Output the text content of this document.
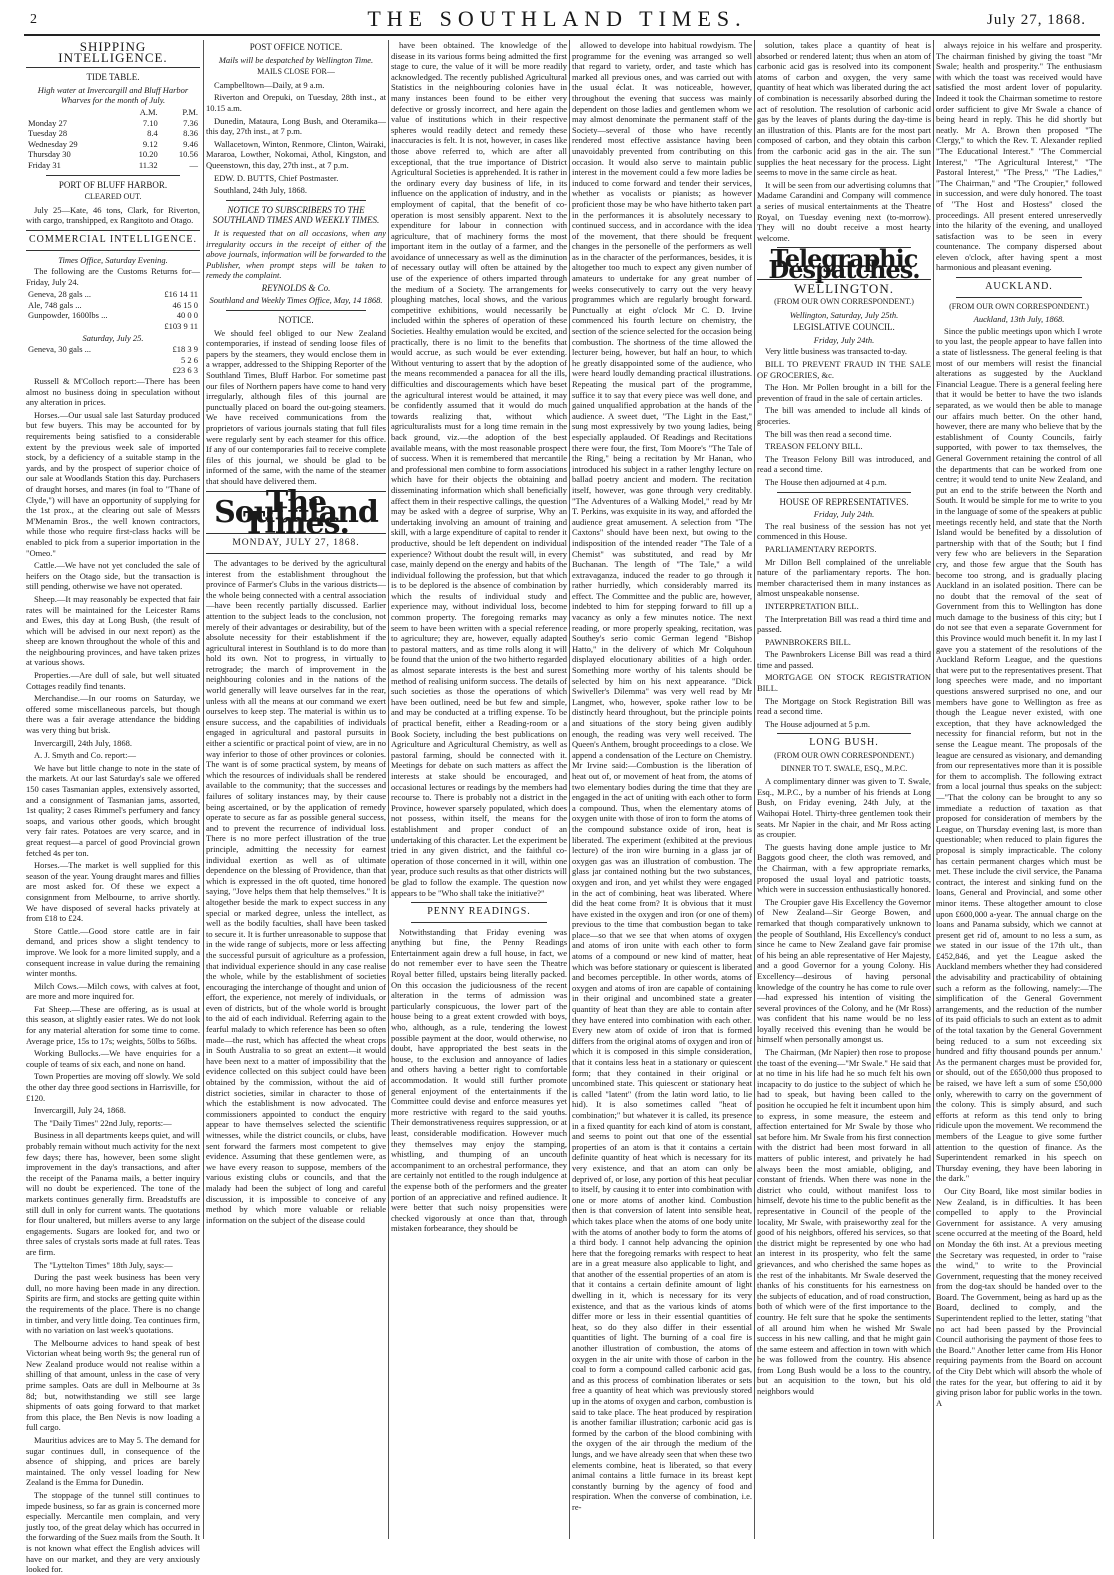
2	THE SOUTHLAND TIMES.	July 27, 1868.
SHIPPING INTELLIGENCE.
TIDE TABLE.
High water at Invercargill and Bluff Harbor Wharves for the month of July.
	A.M.	P.M.
Monday 27	7.10	7.36
Tuesday 28	8.4	8.36
Wednesday 29	9.12	9.46
Thursday 30	10.20	10.56
Friday 31	11.32	—
PORT OF BLUFF HARBOR.
CLEARED OUT.

July 25—Kate, 46 tons, Clark, for Riverton, with cargo, transhipped, ex Rangitoto and Otago.

COMMERCIAL INTELLIGENCE.
Times Office, Saturday Evening.

The following are the Customs Returns for—Friday, July 24.

Geneva, 28 gals ...	£16 14 11
Ale, 748 gals ...	46 15 0
Gunpowder, 1600lbs ...	40 0 0
	£103 9 11
Saturday, July 25.
Geneva, 30 gals ...	£18 3 9
	5 2 6
	£23 6 3

Russell & M'Colloch report:—There has been almost no business doing in speculation without any alteration in prices.

Horses.—Our usual sale last Saturday produced but few buyers. This may be accounted for by requirements being satisfied to a considerable extent by the previous week sale of imported stock, by a deficiency of a suitable stamp in the yards, and by the prospect of superior choice of our sale at Woodlands Station this day. Purchasers of draught horses, and mares (in foal to "Thane of Clyde,") will have an opportunity of supplying for the 1st prox., at the clearing out sale of Messrs M'Menamin Bros., the well known contractors, while those who require first-class hacks will be enabled to pick from a superior importation in the "Omeo."

Cattle.—We have not yet concluded the sale of heifers on the Otago side, but the transaction is still pending, otherwise we have not operated.

Sheep.—It may reasonably be expected that fair rates will be maintained for the Leicester Rams and Ewes, this day at Long Bush, (the result of which will be advised in our next report) as the sheep are known throughout the whole of this and the neighbouring provinces, and have taken prizes at various shows.

Properties.—Are dull of sale, but well situated Cottages readily find tenants.

Merchandise.—In our rooms on Saturday, we offered some miscellaneous parcels, but though there was a fair average attendance the bidding was very thing but brisk.

Invercargill, 24th July, 1868.

A. J. Smyth and Co. report:—

We have but little change to note in the state of the markets. At our last Saturday's sale we offered 150 cases Tasmanian apples, extensively assorted, and a consignment of Tasmanian jams, assorted, 1st quality; 2 cases Rimmel's perfumery and fancy soaps, and various other goods, which brought very fair rates. Potatoes are very scarce, and in great request—a parcel of good Provincial grown fetched 4s per ton.

Horses.—The market is well supplied for this season of the year. Young draught mares and fillies are most asked for. Of these we expect a consignment from Melbourne, to arrive shortly. We have disposed of several hacks privately at from £18 to £24.

Store Cattle.—Good store cattle are in fair demand, and prices show a slight tendency to improve. We look for a more limited supply, and a consequent increase in value during the remaining winter months.

Milch Cows.—Milch cows, with calves at foot, are more and more inquired for.

Fat Sheep.—These are offering, as is usual at this season, at slightly easier rates. We do not look for any material alteration for some time to come. Average price, 15s to 17s; weights, 50lbs to 56lbs.

Working Bullocks.—We have enquiries for a couple of teams of six each, and none on hand.

Town Properties are moving off slowly. We sold the other day three good sections in Harrisville, for £120.

Invercargill, July 24, 1868.

The "Daily Times" 22nd July, reports:—

Business in all departments keeps quiet, and will probably remain without much activity for the next few days; there has, however, been some slight improvement in the day's transactions, and after the receipt of the Panama mails, a better inquiry will no doubt be experienced. The tone of the markets continues generally firm. Breadstuffs are still dull in only for current wants. The quotations for flour unaltered, but millers averse to any large engagements. Sugars are looked for, and two or three sales of crystals sorts made at full rates. Teas are firm.

The "Lyttelton Times" 18th July, says:—

During the past week business has been very dull, no more having been made in any direction. Spirits are firm, and stocks are getting quite within the requirements of the place. There is no change in timber, and very little doing. Tea continues firm, with no variation on last week's quotations.

The Melbourne advices to hand speak of best Victorian wheat being worth 9s; the general run of New Zealand produce would not realise within a shilling of that amount, unless in the case of very prime samples. Oats are dull in Melbourne at 3s 8d; but, notwithstanding we still see large shipments of oats going forward to that market from this place, the Ben Nevis is now loading a full cargo.

Mauritius advices are to May 5. The demand for sugar continues dull, in consequence of the absence of shipping, and prices are barely maintained. The only vessel loading for New Zealand is the Emma for Dunedin.

The stoppage of the tunnel still continues to impede business, so far as grain is concerned more especially. Mercantile men complain, and very justly too, of the great delay which has occurred in the forwarding of the Suez mails from the South. It is not known what effect the English advices will have on our market, and they are very anxiously looked for.

POST OFFICE NOTICE.
Mails will be despatched by Wellington Time.
MAILS CLOSE FOR—

Campbelltown—Daily, at 9 a.m.

Riverton and Orepuki, on Tuesday, 28th inst., at 10.15 a.m.

Dunedin, Mataura, Long Bush, and Oteramika—this day, 27th inst., at 7 p.m.

Wallacetown, Winton, Renmore, Clinton, Wairaki, Mararoa, Lowther, Nokomai, Athol, Kingston, and Queenstown, this day, 27th inst., at 7 p.m.

EDW. D. BUTTS, Chief Postmaster.

Southland, 24th July, 1868.

NOTICE TO SUBSCRIBERS TO THE SOUTHLAND TIMES AND WEEKLY TIMES.

It is requested that on all occasions, when any irregularity occurs in the receipt of either of the above journals, information will be forwarded to the Publisher, when prompt steps will be taken to remedy the complaint.

REYNOLDS & Co.
Southland and Weekly Times Office, May, 14 1868.
NOTICE.

We should feel obliged to our New Zealand contemporaries, if instead of sending loose files of papers by the steamers, they would enclose them in a wrapper, addressed to the Shipping Reporter of the Southland Times, Bluff Harbor. For sometime past our files of Northern papers have come to hand very irregularly, although files of this journal are punctually placed on board the out-going steamers. We have received communications from the proprietors of various journals stating that full files were regularly sent by each steamer for this office. If any of our contemporaries fail to receive complete files of this journal, we should be glad to be informed of the same, with the name of the steamer that should have delivered them.

The Southland Times.
MONDAY, JULY 27, 1868.

The advantages to be derived by the agricultural interest from the establishment throughout the province of Farmer's Clubs in the various districts—the whole being connected with a central association—have been recently partially discussed. Earlier attention to the subject leads to the conclusion, not merely of their advantages or desirability, but of the absolute necessity for their establishment if the agricultural interest in Southland is to do more than hold its own. Not to progress, in virtually to retrograde; the march of improvement in the neighbouring colonies and in the nations of the world generally will leave ourselves far in the rear, unless with all the means at our command we exert ourselves to keep step. The material is within us to ensure success, and the capabilities of individuals engaged in agricultural and pastoral pursuits in either a scientific or practical point of view, are in no way inferior to those of other provinces or colonies. The want is of some practical system, by means of which the resources of individuals shall be rendered available to the community; that the successes and failures of solitary instances may, by their cause being ascertained, or by the application of remedy operate to secure as far as possible general success, and to prevent the recurrence of individual loss. There is no more perfect illustration of the true principle, admitting the necessity for earnest individual exertion as well as of ultimate dependence on the blessing of Providence, than that which is expressed in the oft quoted, time honored saying, "Jove helps them that help themselves." It is altogether beside the mark to expect success in any special or marked degree, unless the intellect, as well as the bodily faculties, shall have been tasked to secure it. It is further unreasonable to suppose that in the wide range of subjects, more or less affecting the successful pursuit of agriculture as a profession, that individual experience should in any case realise the whole, while by the establishment of societies encouraging the interchange of thought and union of effort, the experience, not merely of individuals, or even of districts, but of the whole world is brought to the aid of each individual. Referring again to the fearful malady to which reference has been so often made—the rust, which has affected the wheat crops in South Australia to so great an extent—it would have been next to a matter of impossibility that the evidence collected on this subject could have been obtained by the commission, without the aid of district societies, similar in character to those of which the establishment is now advocated. The commissioners appointed to conduct the enquiry appear to have themselves selected the scientific witnesses, while the district councils, or clubs, have sent forward the farmers most competent to give evidence. Assuming that these gentlemen were, as we have every reason to suppose, members of the various existing clubs or councils, and that the malady had been the subject of long and careful discussion, it is impossible to conceive of any method by which more valuable or reliable information on the subject of the disease could

have been obtained. The knowledge of the disease in its various forms being admitted the first stage to cure, the value of it will be more readily acknowledged. The recently published Agricultural Statistics in the neighbouring colonies have in many instances been found to be either very defective or grossly incorrect, and here again the value of institutions which in their respective spheres would readily detect and remedy these inaccuracies is felt. It is not, however, in cases like those above referred to, which are after all exceptional, that the true importance of District Agricultural Societies is apprehended. It is rather in the ordinary every day business of life, in its influence on the application of industry, and in the employment of capital, that the benefit of co-operation is most sensibly apparent. Next to the expenditure for labour in connection with agriculture, that of machinery forms the most important item in the outlay of a farmer, and the avoidance of unnecessary as well as the diminution of necessary outlay will often be attained by the use of the experience of others imparted through the medium of a Society. The arrangements for ploughing matches, local shows, and the various competitive exhibitions, would necessarily be included within the spheres of operation of these Societies. Healthy emulation would be excited, and practically, there is no limit to the benefits that would accrue, as such would be ever extending. Without venturing to assert that by the adoption of the means recommended a panacea for all the ills, difficulties and discouragements which have beset the agricultural interest would be attained, it may be confidently assumed that it would do much towards realizing that, without which agriculturalists must for a long time remain in the back ground, viz.—the adoption of the best available means, with the most reasonable prospect of success. When it is remembered that mercantile and professional men combine to form associations which have for their objects the obtaining and disseminating information which shall beneficially affect them in their respective callings, the question may be asked with a degree of surprise, Why an undertaking involving an amount of training and skill, with a large expenditure of capital to render it productive, should be left dependent on individual experience? Without doubt the result will, in every case, mainly depend on the energy and habits of the individual following the profession, but that which is to be deplored is the absence of combination by which the results of individual study and experience may, without individual loss, become common property. The foregoing remarks may seem to have been written with a special reference to agriculture; they are, however, equally adapted to pastoral matters, and as time rolls along it will be found that the union of the two hitherto regarded as almost separate interests is the best and surest method of realising uniform success. The details of such societies as those the operations of which have been outlined, need be but few and simple, and may be conducted at a trifling expense. To be of practical benefit, either a Reading-room or a Book Society, including the best publications on Agriculture and Agricultural Chemistry, as well as pastoral farming, should be connected with it. Meetings for debate on such matters as affect the interests at stake should be encouraged, and occasional lectures or readings by the members had recourse to. There is probably not a district in the Province, however sparsely populated, which does not possess, within itself, the means for the establishment and proper conduct of an undertaking of this character. Let the experiment be tried in any given district, and the faithful co-operation of those concerned in it will, within one year, produce such results as that other districts will be glad to follow the example. The question now appears to be "Who shall take the initiative?"

PENNY READINGS.

Notwithstanding that Friday evening was anything but fine, the Penny Readings Entertainment again drew a full house, in fact, we do not remember ever to have seen the Theatre Royal better filled, upstairs being literally packed. On this occasion the judiciousness of the recent alteration in the terms of admission was particularly conspicuous, the lower part of the house being to a great extent crowded with boys, who, although, as a rule, tendering the lowest possible payment at the door, would otherwise, no doubt, have appropriated the best seats in the house, to the exclusion and annoyance of ladies and others having a better right to comfortable accommodation. It would still further promote general enjoyment of the entertainments if the Committee could devise and enforce measures yet more restrictive with regard to the said youths. Their demonstrativeness requires suppression, or at least, considerable modification. However much they themselves may enjoy the stamping, whistling, and thumping of an uncouth accompaniment to an orchestral performance, they are certainly not entitled to the rough indulgence at the expense both of the performers and the greater portion of an appreciative and refined audience. It were better that such noisy propensities were checked vigorously at once than that, through mistaken forbearance, they should be

allowed to develope into habitual rowdyism. The programme for the evening was arranged so well that regard to variety, order, and taste which has marked all previous ones, and was carried out with the usual éclat. It was noticeable, however, throughout the evening that success was mainly dependent on those ladies and gentlemen whom we may almost denominate the permanent staff of the Society—several of those who have recently rendered most effective assistance having been unavoidably prevented from contributing on this occasion. It would also serve to maintain public interest in the movement could a few more ladies be induced to come forward and tender their services, whether as vocalists or pianists; as however proficient those may be who have hitherto taken part in the performances it is absolutely necessary to continued success, and in accordance with the idea of the movement, that there should be frequent changes in the personelle of the performers as well as in the character of the performances, besides, it is altogether too much to expect any given number of amateurs to undertake for any great number of weeks consecutively to carry out the very heavy programmes which are regularly brought forward. Punctually at eight o'clock Mr C. D. Irvine commenced his fourth lecture on chemistry, the section of the science selected for the occasion being combustion. The shortness of the time allowed the lecturer being, however, but half an hour, to which he greatly disappointed some of the audience, who were heard loudly demanding practical illustrations. Repeating the musical part of the programme, suffice it to say that every piece was well done, and gained unqualified approbation at the hands of the audience. A sweet duet, "The Light in the East," sung most expressively by two young ladies, being especially applauded. Of Readings and Recitations there were four, the first, Tom Moore's "The Tale of the Ring," being a recitation by Mr Hanan, who introduced his subject in a rather lengthy lecture on ballad poetry ancient and modern. The recitation itself, however, was gone through very creditably. "The Adventures of a Walking Model," read by Mr T. Perkins, was exquisite in its way, and afforded the audience great amusement. A selection from "The Caxtons" should have been next, but owing to the indisposition of the intended reader "The Tale of a Chemist" was substituted, and read by Mr Buchanan. The length of "The Tale," a wild extravaganza, induced the reader to go through it rather hurriedly, which considerably marred its effect. The Committee and the public are, however, indebted to him for stepping forward to fill up a vacancy as only a few minutes notice. The next reading, or more properly speaking, recitation, was Southey's serio comic German legend "Bishop Hatto," in the delivery of which Mr Colquhoun displayed elocutionary abilities of a high order. Something more worthy of his talents should be selected by him on his next appearance. "Dick Swiveller's Dilemma" was very well read by Mr Langmet, who, however, spoke rather low to be distinctly heard throughout, but the principle points and situations of the story being given audibly enough, the reading was very well received. The Queen's Anthem, brought proceedings to a close. We append a condensation of the Lecture on Chemistry. Mr Irvine said:—Combustion is the liberation of heat out of, or movement of heat from, the atoms of two elementary bodies during the time that they are engaged in the act of uniting with each other to form a compound. Thus, when the elementary atoms of oxygen unite with those of iron to form the atoms of the compound substance oxide of iron, heat is liberated. The experiment (exhibited at the previous lecture) of the iron wire burning in a glass jar of oxygen gas was an illustration of combustion. The glass jar contained nothing but the two substances, oxygen and iron, and yet whilst they were engaged in the act of combining, heat was liberated. Where did the heat come from? It is obvious that it must have existed in the oxygen and iron (or one of them) previous to the time that combustion began to take place—so that we see that when atoms of oxygen and atoms of iron unite with each other to form atoms of a compound or new kind of matter, heat which was before stationary or quiescent is liberated and becomes perceptible. In other words, atoms of oxygen and atoms of iron are capable of containing in their original and uncombined state a greater quantity of heat than they are able to contain after they have entered into combination with each other. Every new atom of oxide of iron that is formed differs from the original atoms of oxygen and iron of which it is composed in this simple consideration, that it contains less heat in a stationary or quiescent form; that they contained in their original or uncombined state. This quiescent or stationary heat is called "latent" (from the latin word latio, to lie hid). It is also sometimes called "heat of combination;" but whatever it is called, its presence in a fixed quantity for each kind of atom is constant, and seems to point out that one of the essential properties of an atom is that it contains a certain definite quantity of heat which is necessary for its very existence, and that an atom can only be deprived of, or lose, any portion of this heat peculiar to itself, by causing it to enter into combination with one or more atoms of another kind. Combustion then is that conversion of latent into sensible heat, which takes place when the atoms of one body unite with the atoms of another body to form the atoms of a third body. I cannot help advancing the opinion here that the foregoing remarks with respect to heat are in a great measure also applicable to light, and that another of the essential properties of an atom is that it contains a certain definite amount of light dwelling in it, which is necessary for its very existence, and that as the various kinds of atoms differ more or less in their essential quantities of heat, so do they also differ in their essential quantities of light. The burning of a coal fire is another illustration of combustion, the atoms of oxygen in the air unite with those of carbon in the coal to form a compound called carbonic acid gas, and as this process of combination liberates or sets free a quantity of heat which was previously stored up in the atoms of oxygen and carbon, combustion is said to take place. The heat produced by respiration is another familiar illustration; carbonic acid gas is formed by the carbon of the blood combining with the oxygen of the air through the medium of the lungs, and we have already seen that when these two elements combine, heat is liberated, so that every animal contains a little furnace in its breast kept constantly burning by the agency of food and respiration. When the converse of combination, i.e. re-

solution, takes place a quantity of heat is absorbed or rendered latent; thus when an atom of carbonic acid gas is resolved into its component atoms of carbon and oxygen, the very same quantity of heat which was liberated during the act of combination is necessarily absorbed during the act of resolution. The resolution of carbonic acid gas by the leaves of plants during the day-time is an illustration of this. Plants are for the most part composed of carbon, and they obtain this carbon from the carbonic acid gas in the air. The sun supplies the heat necessary for the process. Light seems to move in the same circle as heat.

It will be seen from our advertising columns that Madame Carandini and Company will commence a series of musical entertainments at the Theatre Royal, on Tuesday evening next (to-morrow). They will no doubt receive a most hearty welcome.

Telegraphic Despatches.
WELLINGTON.
(FROM OUR OWN CORRESPONDENT.)
Wellington, Saturday, July 25th.
LEGISLATIVE COUNCIL.
Friday, July 24th.

Very little business was transacted to-day.

BILL TO PREVENT FRAUD IN THE SALE OF GROCERIES, &c.

The Hon. Mr Pollen brought in a bill for the prevention of fraud in the sale of certain articles.

The bill was amended to include all kinds of groceries.

The bill was then read a second time.

TREASON FELONY BILL.

The Treason Felony Bill was introduced, and read a second time.

The House then adjourned at 4 p.m.

HOUSE OF REPRESENTATIVES.
Friday, July 24th.

The real business of the session has not yet commenced in this House.

PARLIAMENTARY REPORTS.

Mr Dillon Bell complained of the unreliable nature of the parliamentary reports. The hon. member characterised them in many instances as almost unspeakable nonsense.

INTERPRETATION BILL.

The Interpretation Bill was read a third time and passed.

PAWNBROKERS BILL.

The Pawnbrokers License Bill was read a third time and passed.

MORTGAGE ON STOCK REGISTRATION BILL.

The Mortgage on Stock Registration Bill was read a second time.

The House adjourned at 5 p.m.

LONG BUSH.
(FROM OUR OWN CORRESPONDENT.)
DINNER TO T. SWALE, ESQ., M.P.C.

A complimentary dinner was given to T. Swale, Esq., M.P.C., by a number of his friends at Long Bush, on Friday evening, 24th July, at the Waihopai Hotel. Thirty-three gentlemen took their seats. Mr Napier in the chair, and Mr Ross acting as croupier.

The guests having done ample justice to Mr Baggots good cheer, the cloth was removed, and the Chairman, with a few appropriate remarks, proposed the usual loyal and patriotic toasts, which were in succession enthusiastically honored.

The Croupier gave His Excellency the Governor of New Zealand—Sir George Bowen, and remarked that though comparatively unknown to the people of Southland, His Excellency's conduct since he came to New Zealand gave fair promise of his being an able representative of Her Majesty, and a good Governor for a young Colony. His Excellency—desirous of having personal knowledge of the country he has come to rule over—had expressed his intention of visiting the several provinces of the Colony, and he (Mr Ross) was confident that his name would be no less loyally received this evening than he would be himself when personally amongst us.

The Chairman, (Mr Napier) then rose to propose the toast of the evening—"Mr Swale." He said that at no time in his life had he so much felt his own incapacity to do justice to the subject of which he had to speak, but having been called to the position he occupied he felt it incumbent upon him to express, in some measure, the esteem and affection entertained for Mr Swale by those who sat before him. Mr Swale from his first connection with the district had been most forward in all matters of public interest, and privately he had always been the most amiable, obliging, and constant of friends. When there was none in the district who could, without manifest loss to himself, devote his time to the public benefit as the representative in Council of the people of the locality, Mr Swale, with praiseworthy zeal for the good of his neighbors, offered his services, so that the district might be represented by one who had an interest in its prosperity, who felt the same grievances, and who cherished the same hopes as the rest of the inhabitants. Mr Swale deserved the thanks of his constituents for his earnestness on the subjects of education, and of road construction, both of which were of the first importance to the country. He felt sure that he spoke the sentiments of all around him when he wished Mr Swale success in his new calling, and that he might gain the same esteem and affection in town with which he was followed from the country. His absence from Long Bush would be a loss to the country, but an acquisition to the town, but his old neighbors would

always rejoice in his welfare and prosperity. The chairman finished by giving the toast "Mr Swale; health and prosperity." The enthusiasm with which the toast was received would have satisfied the most ardent lover of popularity. Indeed it took the Chairman sometime to restore order sufficient to give Mr Swale a chance of being heard in reply. This he did shortly but neatly. Mr A. Brown then proposed "The Clergy," to which the Rev. T. Alexander replied "The Educational Interest." "The Commercial Interest," "The Agricultural Interest," "The Pastoral Interest," "The Press," "The Ladies," "The Chairman," and "The Croupier," followed in succession, and were duly honored. The toast of "The Host and Hostess" closed the proceedings. All present entered unreservedly into the hilarity of the evening, and unalloyed satisfaction was to be seen in every countenance. The company dispersed about eleven o'clock, after having spent a most harmonious and pleasant evening.

AUCKLAND.
(FROM OUR OWN CORRESPONDENT.)
Auckland, 13th July, 1868.

Since the public meetings upon which I wrote to you last, the people appear to have fallen into a state of listlessness. The general feeling is that most of our members will resist the financial alterations as suggested by the Auckland Financial League. There is a general feeling here that it would be better to have the two islands separated, as we would then be able to manage our affairs much better. On the other hand, however, there are many who believe that by the establishment of County Councils, fairly supported, with power to tax themselves, the General Government retaining the control of all the departments that can be worked from one centre; it would tend to unite New Zealand, and put an end to the strife between the North and South. It would be simple for me to write to you in the language of some of the speakers at public meetings recently held, and state that the North Island would be benefited by a dissolution of partnership with that of the South; but I find very few who are believers in the Separation cry, and those few argue that the South has become too strong, and is gradually placing Auckland in an isolated position. There can be no doubt that the removal of the seat of Government from this to Wellington has done much damage to the business of this city; but I do not see that even a separate Government for this Province would much benefit it. In my last I gave you a statement of the resolutions of the Auckland Reform League, and the questions that were put to the representatives present. That long speeches were made, and no important questions answered surprised no one, and our members have gone to Wellington as free as though the League never existed, with one exception, that they have acknowledged the necessity for financial reform, but not in the sense the League meant. The proposals of the league are censured as visionary, and demanding from our representatives more than it is possible for them to accomplish. The following extract from a local journal thus speaks on the subject:—"That the colony can be brought to any so immediate a reduction of taxation as that proposed for consideration of members by the League, on Thursday evening last, is more than questionable; when reduced to plain figures the proposal is simply impracticable. The colony has certain permanent charges which must be met. These include the civil service, the Panama contract, the interest and sinking fund on the loans, General and Provincial, and some other minor items. These altogether amount to close upon £600,000 a-year. The annual charge on the loans and Panama subsidy, which we cannot at present get rid of, amount to no less a sum, as we stated in our issue of the 17th ult., than £452,846, and yet the League asked the Auckland members whether they had considered the advisability and practicability of obtaining such a reform as the following, namely:—The simplification of the General Government arrangements, and the reduction of the number of its paid officials to such an extent as to admit of the total taxation by the General Government being reduced to a sum not exceeding six hundred and fifty thousand pounds per annum.' As the permanent charges must be provided for, or should, out of the £650,000 thus proposed to be raised, we have left a sum of some £50,000 only, wherewith to carry on the government of the colony. This is simply absurd, and such efforts at reform as this tend only to bring ridicule upon the movement. We recommend the members of the League to give some further attention to the question of finance. As the Superintendent remarked in his speech on Thursday evening, they have been laboring in the dark."

Our City Board, like most similar bodies in New Zealand, is in difficulties. It has been compelled to apply to the Provincial Government for assistance. A very amusing scene occurred at the meeting of the Board, held on Monday the 6th inst. At a previous meeting the Secretary was requested, in order to "raise the wind," to write to the Provincial Government, requesting that the money received from the dog-tax should be handed over to the Board. The Government, being as hard up as the Board, declined to comply, and the Superintendent replied to the letter, stating "that no act had been passed by the Provincial Council authorising the payment of those fees to the Board." Another letter came from His Honor requiring payments from the Board on account of the City Debt which will absorb the whole of the rates for the year, but offering to aid it by giving prison labor for public works in the town. A
